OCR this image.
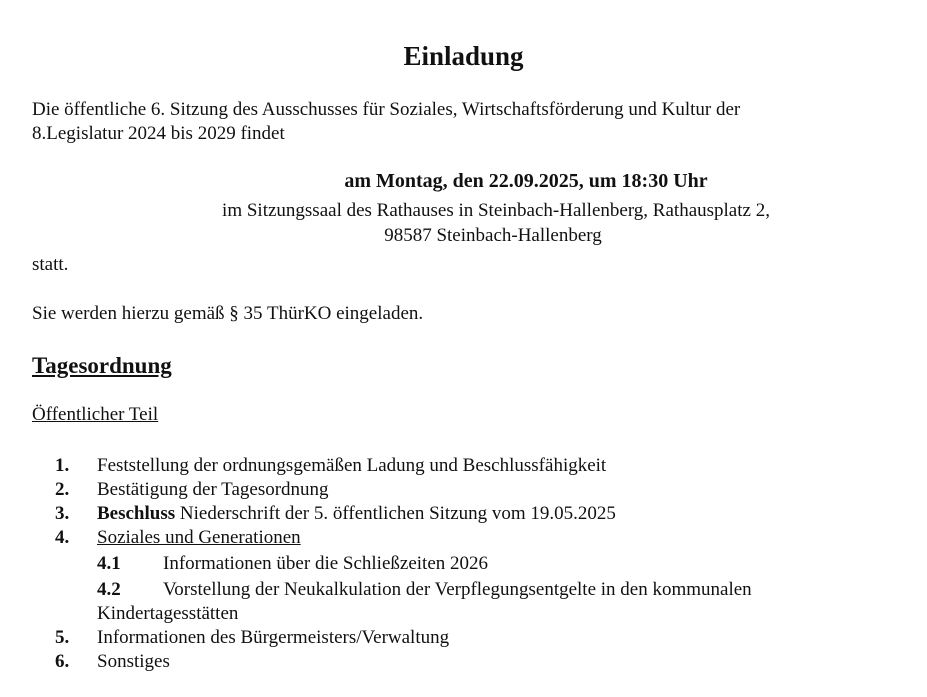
Einladung
Die öffentliche 6. Sitzung des Ausschusses für Soziales, Wirtschaftsförderung und Kultur der
8.Legislatur 2024 bis 2029 findet
am Montag, den 22.09.2025, um 18:30 Uhr
im Sitzungssaal des Rathauses in Steinbach-Hallenberg, Rathausplatz 2,
98587 Steinbach-Hallenberg
statt.
Sie werden hierzu gemäß § 35 ThürKO eingeladen.
Tagesordnung
Öffentlicher Teil
1.	Feststellung der ordnungsgemäßen Ladung und Beschlussfähigkeit
2.	Bestätigung der Tagesordnung
3.	Beschluss Niederschrift der 5. öffentlichen Sitzung vom 19.05.2025
4.	Soziales und Generationen
4.1	Informationen über die Schließzeiten 2026
4.2	Vorstellung der Neukalkulation der Verpflegungsentgelte in den kommunalen
Kindertagesstätten
5.	Informationen des Bürgermeisters/Verwaltung
6.	Sonstiges
